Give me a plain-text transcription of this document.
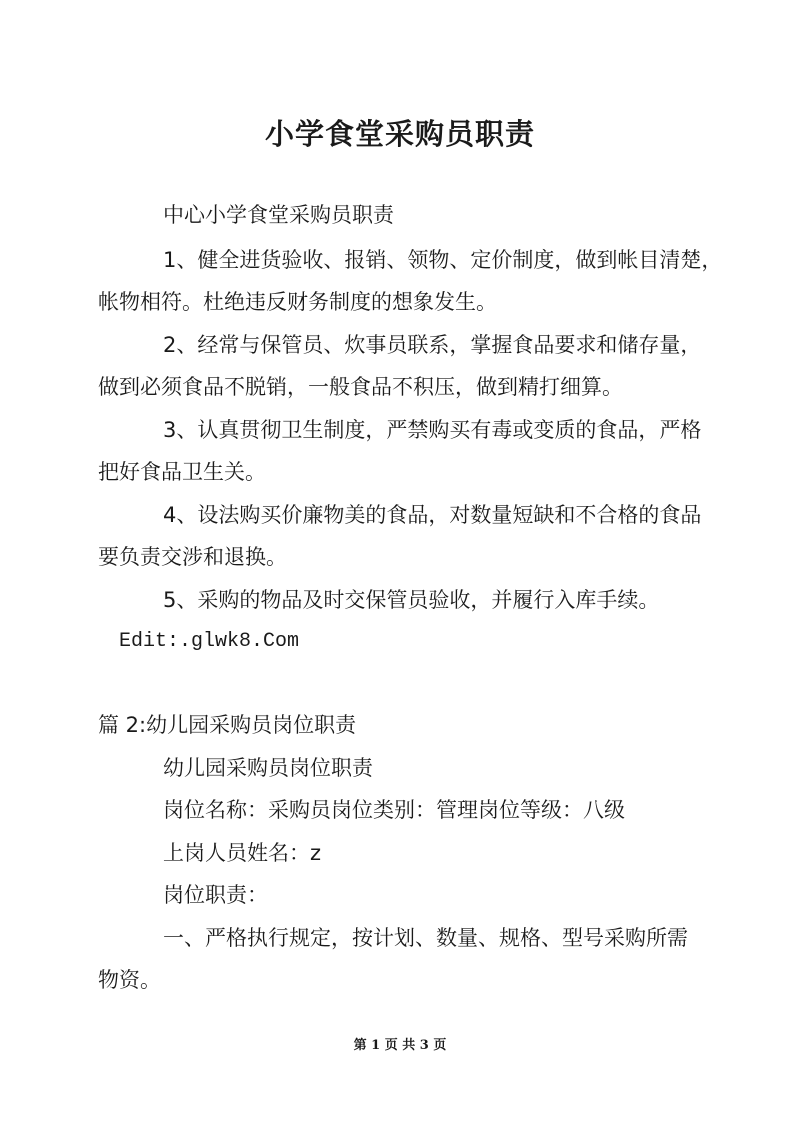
小学食堂采购员职责
中心小学食堂采购员职责
1、健全进货验收、报销、领物、定价制度，做到帐目清楚，
帐物相符。杜绝违反财务制度的想象发生。
2、经常与保管员、炊事员联系，掌握食品要求和储存量，
做到必须食品不脱销，一般食品不积压，做到精打细算。
3、认真贯彻卫生制度，严禁购买有毒或变质的食品，严格
把好食品卫生关。
4、设法购买价廉物美的食品，对数量短缺和不合格的食品
要负责交涉和退换。
5、采购的物品及时交保管员验收，并履行入库手续。
Edit:.glwk8.Com
篇 2:幼儿园采购员岗位职责
幼儿园采购员岗位职责
岗位名称：采购员岗位类别：管理岗位等级：八级
上岗人员姓名：z
岗位职责：
一、严格执行规定，按计划、数量、规格、型号采购所需
物资。
第 1 页 共 3 页
